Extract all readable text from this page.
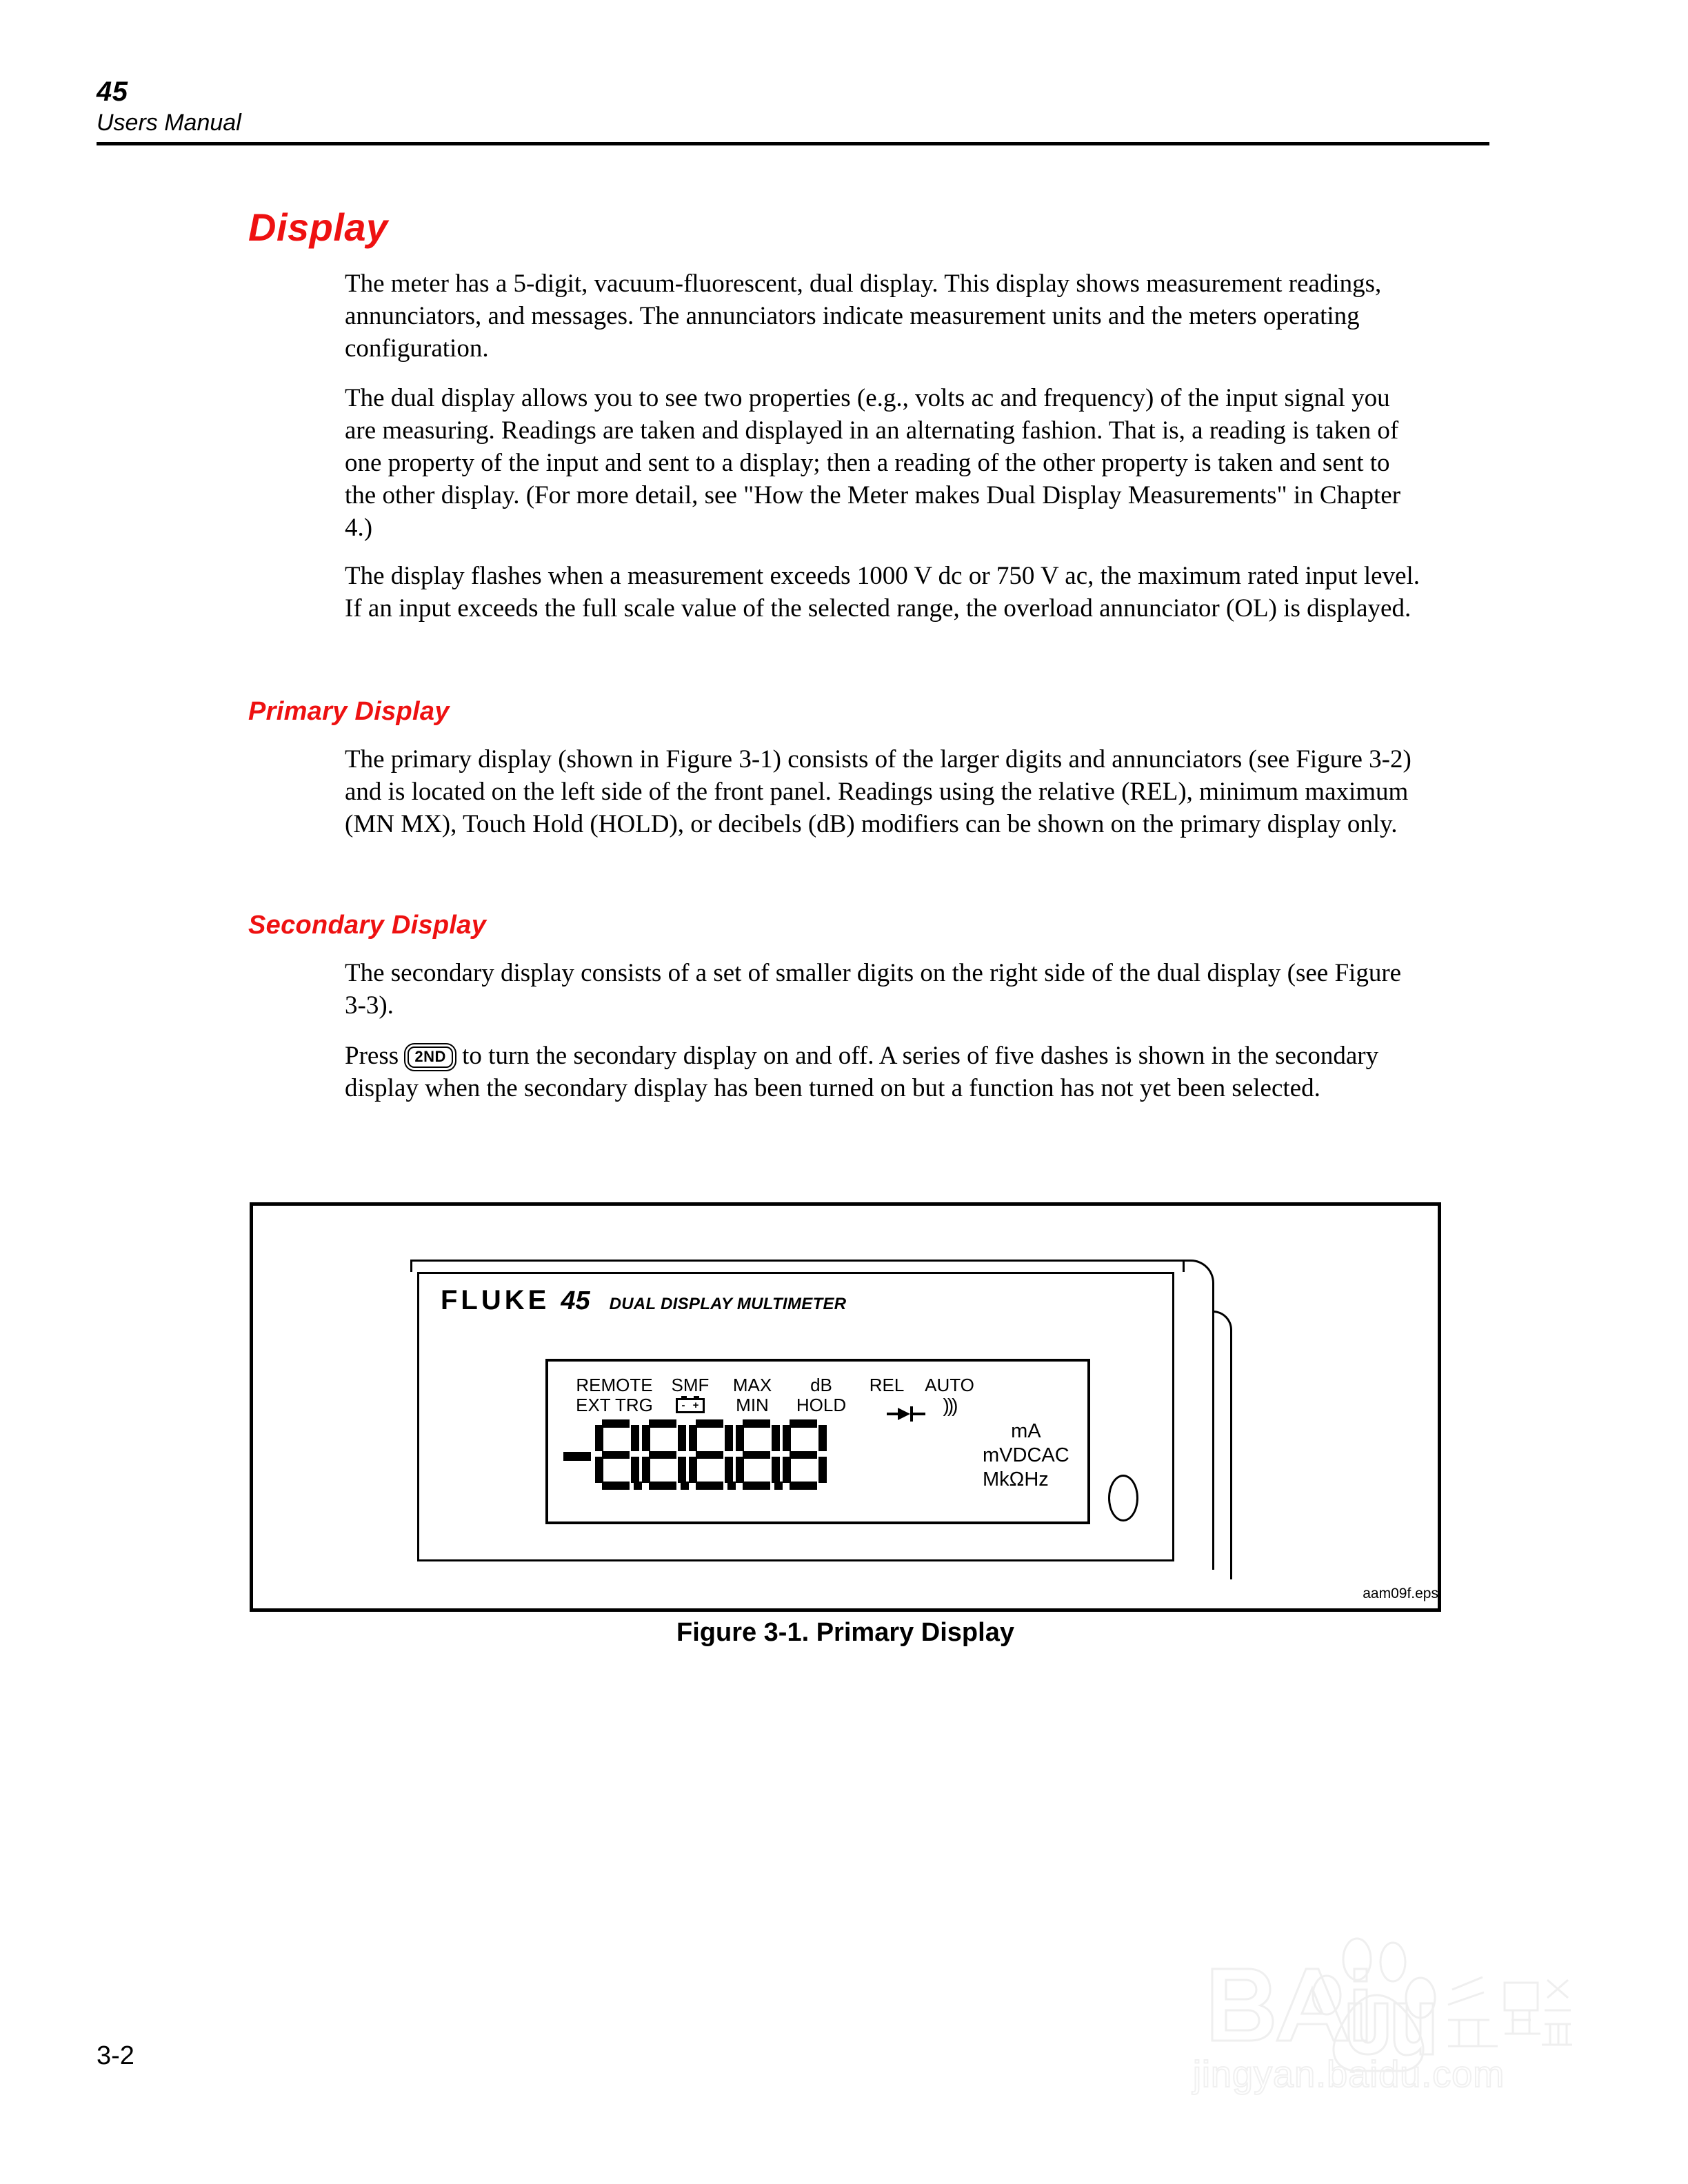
45
Users Manual
Display
The meter has a 5-digit, vacuum-fluorescent, dual display. This display shows measurement readings, annunciators, and messages. The annunciators indicate measurement units and the meters operating configuration.
The dual display allows you to see two properties (e.g., volts ac and frequency) of the input signal you are measuring. Readings are taken and displayed in an alternating fashion. That is, a reading is taken of one property of the input and sent to a display; then a reading of the other property is taken and sent to the other display. (For more detail, see "How the Meter makes Dual Display Measurements" in Chapter 4.)
The display flashes when a measurement exceeds 1000 V dc or 750 V ac, the maximum rated input level. If an input exceeds the full scale value of the selected range, the overload annunciator (OL) is displayed.
Primary Display
The primary display (shown in Figure 3-1) consists of the larger digits and annunciators (see Figure 3-2) and is located on the left side of the front panel. Readings using the relative (REL), minimum maximum (MN MX), Touch Hold (HOLD), or decibels (dB) modifiers can be shown on the primary display only.
Secondary Display
The secondary display consists of a set of smaller digits on the right side of the dual display (see Figure 3-3).
Press 2ND to turn the secondary display on and off. A series of five dashes is shown in the secondary display when the secondary display has been turned on but a function has not yet been selected.
FLUKE 45 DUAL DISPLAY MULTIMETER
REMOTE	SMF	MAX	dB	REL	AUTO
EXT TRG	- +	MIN	HOLD	)))
mA
mVDCAC
MkΩHz
aam09f.eps
Figure 3-1. Primary Display
3-2	jingyan.baidu.com
